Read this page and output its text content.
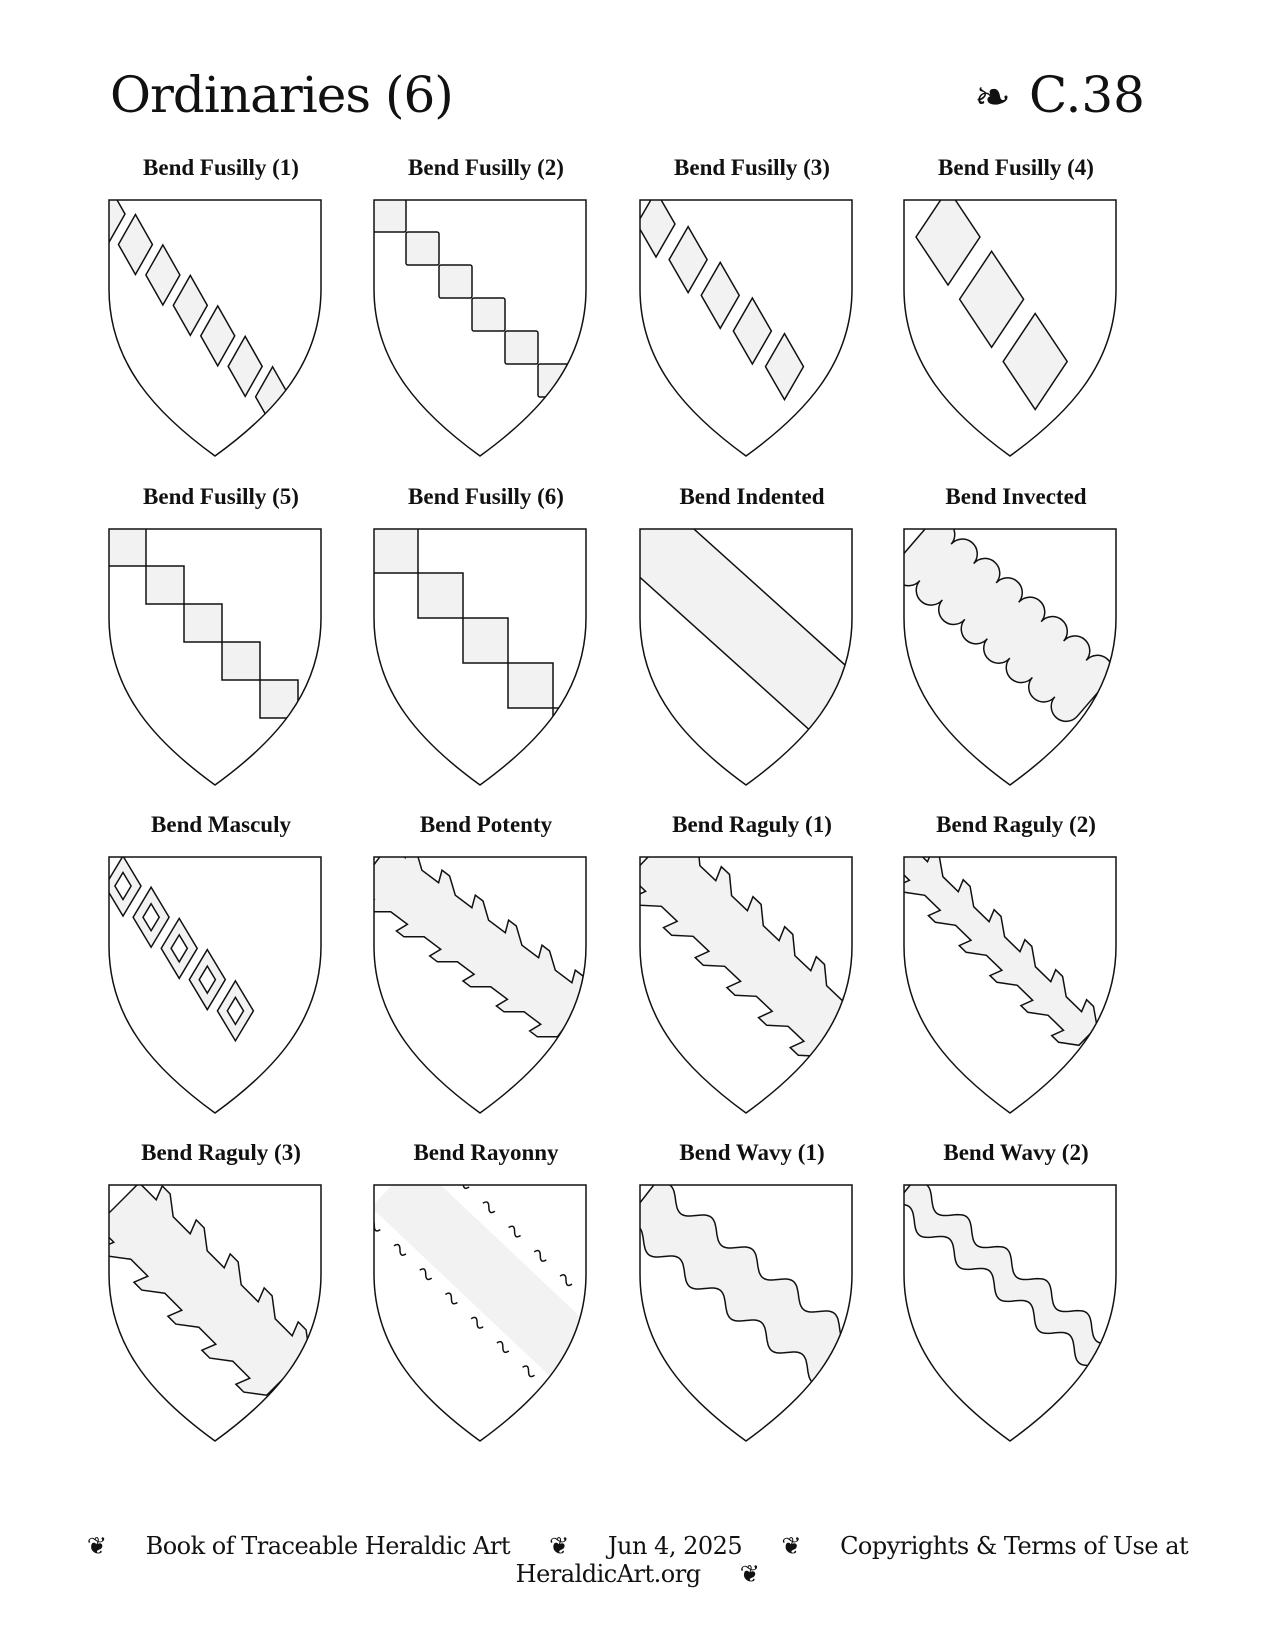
Ordinaries (6)	❧ C.38
Bend Fusilly (1)	Bend Fusilly (2)	Bend Fusilly (3)	Bend Fusilly (4)
Bend Fusilly (5)	Bend Fusilly (6)	Bend Indented	Bend Invected
Bend Masculy	Bend Potenty	Bend Raguly (1)	Bend Raguly (2)
Bend Raguly (3)	Bend Rayonny	Bend Wavy (1)	Bend Wavy (2)
❦ Book of Traceable Heraldic Art ❦ Jun 4, 2025 ❦ Copyrights & Terms of Use at HeraldicArt.org ❦
